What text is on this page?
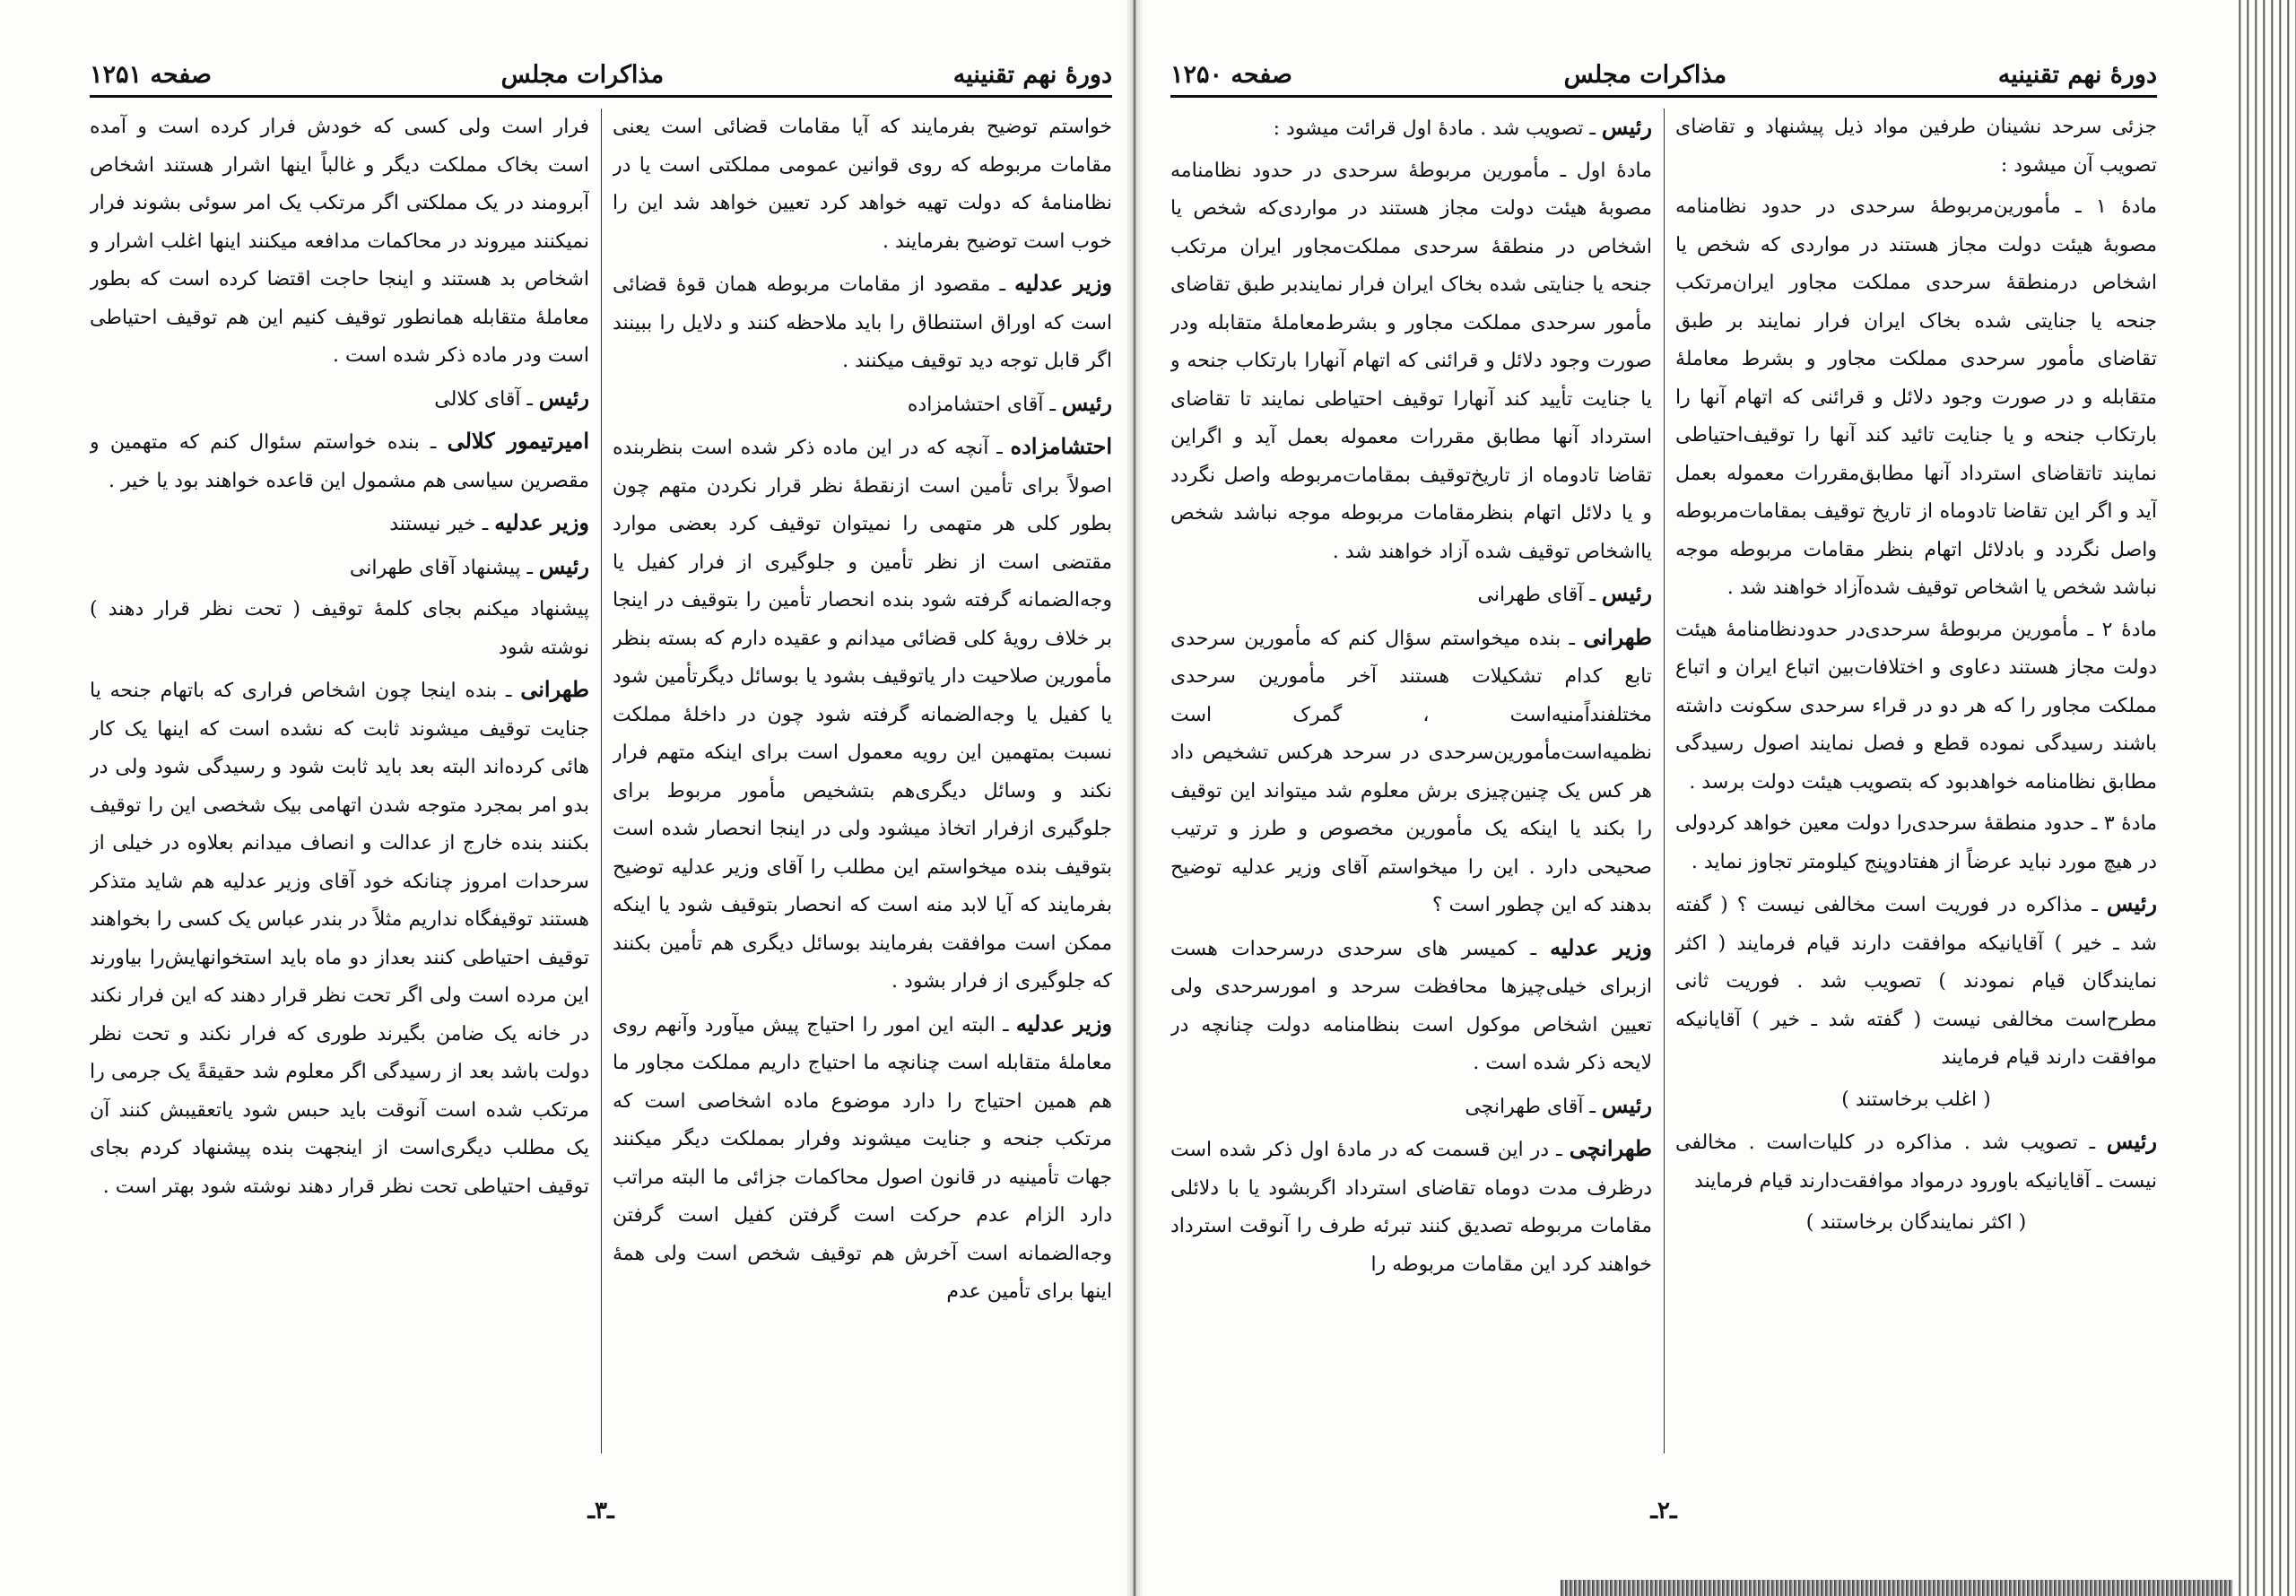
دورهٔ نهم تقنینیه
مذاکرات مجلس
صفحه ۱۲۵۱

خواستم توضیح بفرمایند که آیا مقامات قضائی است یعنی مقامات مربوطه که روی قوانین عمومی مملکتی است یا در نظامنامهٔ که دولت تهیه خواهد کرد تعیین خواهد شد این را خوب است توضیح بفرمایند .

وزیر عدلیه ـ مقصود از مقامات مربوطه همان قوهٔ قضائی است که اوراق استنطاق را باید ملاحظه کنند و دلایل را ببینند اگر قابل توجه دید توقیف میکنند .

رئیس ـ آقای احتشامزاده

احتشامزاده ـ آنچه که در این ماده ذکر شده است بنظربنده اصولاً برای تأمین است ازنقطهٔ نظر قرار نکردن متهم چون بطور کلی هر متهمی را نمیتوان توقیف کرد بعضی موارد مقتضی است از نظر تأمین و جلوگیری از فرار کفیل یا وجه‌الضمانه گرفته شود بنده انحصار تأمین را بتوقیف در اینجا بر خلاف رویهٔ کلی قضائی میدانم و عقیده دارم که بسته بنظر مأمورین صلاحیت دار یاتوقیف بشود یا بوسائل دیگرتأمین شود یا کفیل یا وجه‌الضمانه گرفته شود چون در داخلهٔ مملکت نسبت بمتهمین این رویه معمول است برای اینکه متهم فرار نکند و وسائل دیگری‌هم بتشخیص مأمور مربوط برای جلوگیری ازفرار اتخاذ میشود ولی در اینجا انحصار شده است بتوقیف بنده میخواستم این مطلب را آقای وزیر عدلیه توضیح بفرمایند که آیا لابد منه است که انحصار بتوقیف شود یا اینکه ممکن است موافقت بفرمایند بوسائل دیگری هم تأمین بکنند که جلوگیری از فرار بشود .

وزیر عدلیه ـ البته این امور را احتیاج پیش میآورد وآنهم روی معاملهٔ متقابله است چنانچه ما احتیاج داریم مملکت مجاور ما هم همین احتیاج را دارد موضوع ماده اشخاصی است که مرتکب جنحه و جنایت میشوند وفرار بمملکت دیگر میکنند جهات تأمینیه در قانون اصول محاکمات جزائی ما البته مراتب دارد الزام عدم حرکت است گرفتن کفیل است گرفتن وجه‌الضمانه است آخرش هم توقیف شخص است ولی همهٔ اینها برای تأمین عدم

فرار است ولی کسی که خودش فرار کرده است و آمده است بخاک مملکت دیگر و غالباً اینها اشرار هستند اشخاص آبرومند در یک مملکتی اگر مرتکب یک امر سوئی بشوند فرار نمیکنند میروند در محاکمات مدافعه میکنند اینها اغلب اشرار و اشخاص بد هستند و اینجا حاجت اقتضا کرده است که بطور معاملهٔ متقابله همانطور توقیف کنیم این هم توقیف احتیاطی است ودر ماده ذکر شده است .

رئیس ـ آقای کلالی

امیرتیمور کلالی ـ بنده خواستم سئوال کنم که متهمین و مقصرین سیاسی هم مشمول این قاعده خواهند بود یا خیر .

وزیر عدلیه ـ خیر نیستند

رئیس ـ پیشنهاد آقای طهرانی

پیشنهاد میکنم بجای کلمهٔ توقیف ( تحت نظر قرار دهند ) نوشته شود

طهرانی ـ بنده اینجا چون اشخاص فراری که باتهام جنحه یا جنایت توقیف میشوند ثابت که نشده است که اینها یک کار هائی کرده‌اند البته بعد باید ثابت شود و رسیدگی شود ولی در بدو امر بمجرد متوجه شدن اتهامی بیک شخصی این را توقیف بکنند بنده خارج از عدالت و انصاف میدانم بعلاوه در خیلی از سرحدات امروز چنانکه خود آقای وزیر عدلیه هم شاید متذکر هستند توقیفگاه نداریم مثلاً در بندر عباس یک کسی را بخواهند توقیف احتیاطی کنند بعداز دو ماه باید استخوانهایش‌را بیاورند این مرده است ولی اگر تحت نظر قرار دهند که این فرار نکند در خانه یک ضامن بگیرند طوری که فرار نکند و تحت نظر دولت باشد بعد از رسیدگی اگر معلوم شد حقیقةً یک جرمی را مرتکب شده است آنوقت باید حبس شود یاتعقیبش کنند آن یک مطلب دیگری‌است از اینجهت بنده پیشنهاد کردم بجای توقیف احتیاطی تحت نظر قرار دهند نوشته شود بهتر است .

ـ۳ـ
دورهٔ نهم تقنینیه
مذاکرات مجلس
صفحه ۱۲۵۰

جزئی سرحد نشینان طرفین مواد ذیل پیشنهاد و تقاضای تصویب آن میشود :

مادهٔ ۱ ـ مأمورین‌مربوطهٔ سرحدی در حدود نظامنامه مصوبهٔ هیئت دولت مجاز هستند در مواردی که شخص یا اشخاص درمنطقهٔ سرحدی مملکت مجاور ایران‌مرتکب جنحه یا جنایتی شده بخاک ایران فرار نمایند بر طبق تقاضای مأمور سرحدی مملکت مجاور و بشرط معاملهٔ متقابله و در صورت وجود دلائل و قرائنی که اتهام آنها را بارتکاب جنحه و یا جنایت تائید کند آنها را توقیف‌احتیاطی نمایند تاتقاضای استرداد آنها مطابق‌مقررات معموله بعمل آید و اگر این تقاضا تادوماه از تاریخ توقیف بمقامات‌مربوطه واصل نگردد و بادلائل اتهام بنظر مقامات مربوطه موجه نباشد شخص یا اشخاص توقیف شده‌آزاد خواهند شد .

مادهٔ ۲ ـ مأمورین مربوطهٔ سرحدی‌در حدودنظامنامهٔ هیئت دولت مجاز هستند دعاوی و اختلافات‌بین اتباع ایران و اتباع مملکت مجاور را که هر دو در قراء سرحدی سکونت داشته باشند رسیدگی نموده قطع و فصل نمایند اصول رسیدگی مطابق نظامنامه خواهدبود که بتصویب هیئت دولت برسد .

مادهٔ ۳ ـ حدود منطقهٔ سرحدی‌را دولت معین خواهد کردولی در هیچ مورد نباید عرضاً از هفتادوپنج کیلومتر تجاوز نماید .

رئیس ـ مذاکره در فوریت است مخالفی نیست ؟ ( گفته شد ـ خیر ) آقایانیکه موافقت دارند قیام فرمایند ( اکثر نمایندگان قیام نمودند ) تصویب شد . فوریت ثانی مطرح‌است مخالفی نیست ( گفته شد ـ خیر ) آقایانیکه موافقت دارند قیام فرمایند

( اغلب برخاستند )

رئیس ـ تصویب شد . مذاکره در کلیات‌است . مخالفی نیست ـ آقایانیکه باورود درمواد موافقت‌دارند قیام فرمایند

( اکثر نمایندگان برخاستند )

رئیس ـ تصویب شد . مادهٔ اول قرائت میشود :

مادهٔ اول ـ مأمورین مربوطهٔ سرحدی در حدود نظامنامه مصوبهٔ هیئت دولت مجاز هستند در مواردی‌که شخص یا اشخاص در منطقهٔ سرحدی مملکت‌مجاور ایران مرتکب جنحه یا جنایتی شده بخاک ایران فرار نمایندبر طبق تقاضای مأمور سرحدی مملکت مجاور و بشرط‌معاملهٔ متقابله ودر صورت وجود دلائل و قرائنی که اتهام آنهارا بارتکاب جنحه و یا جنایت تأیید کند آنهارا توقیف احتیاطی نمایند تا تقاضای استرداد آنها مطابق مقررات معموله بعمل آید و اگراین تقاضا تادوماه از تاریخ‌توقیف بمقامات‌مربوطه واصل نگردد و یا دلائل اتهام بنظرمقامات مربوطه موجه نباشد شخص یااشخاص توقیف شده آزاد خواهند شد .

رئیس ـ آقای طهرانی

طهرانی ـ بنده میخواستم سؤال کنم که مأمورین سرحدی تابع کدام تشکیلات هستند آخر مأمورین سرحدی مختلفنداًمنیه‌است ، گمرک است نظمیه‌است‌مأمورین‌سرحدی در سرحد هرکس تشخیص داد هر کس یک چنین‌چیزی برش معلوم شد میتواند این توقیف را بکند یا اینکه یک مأمورین مخصوص و طرز و ترتیب صحیحی دارد . این را میخواستم آقای وزیر عدلیه توضیح بدهند که این چطور است ؟

وزیر عدلیه ـ کمیسر های سرحدی درسرحدات هست ازبرای خیلی‌چیزها محافظت سرحد و امورسرحدی ولی تعیین اشخاص موکول است بنظامنامه دولت چنانچه در لایحه ذکر شده است .

رئیس ـ آقای طهرانچی

طهرانچی ـ در این قسمت که در مادهٔ اول ذکر شده است درظرف مدت دوماه تقاضای استرداد اگربشود یا با دلائلی مقامات مربوطه تصدیق کنند تبرئه طرف را آنوقت استرداد خواهند کرد این مقامات مربوطه را

ـ۲ـ
